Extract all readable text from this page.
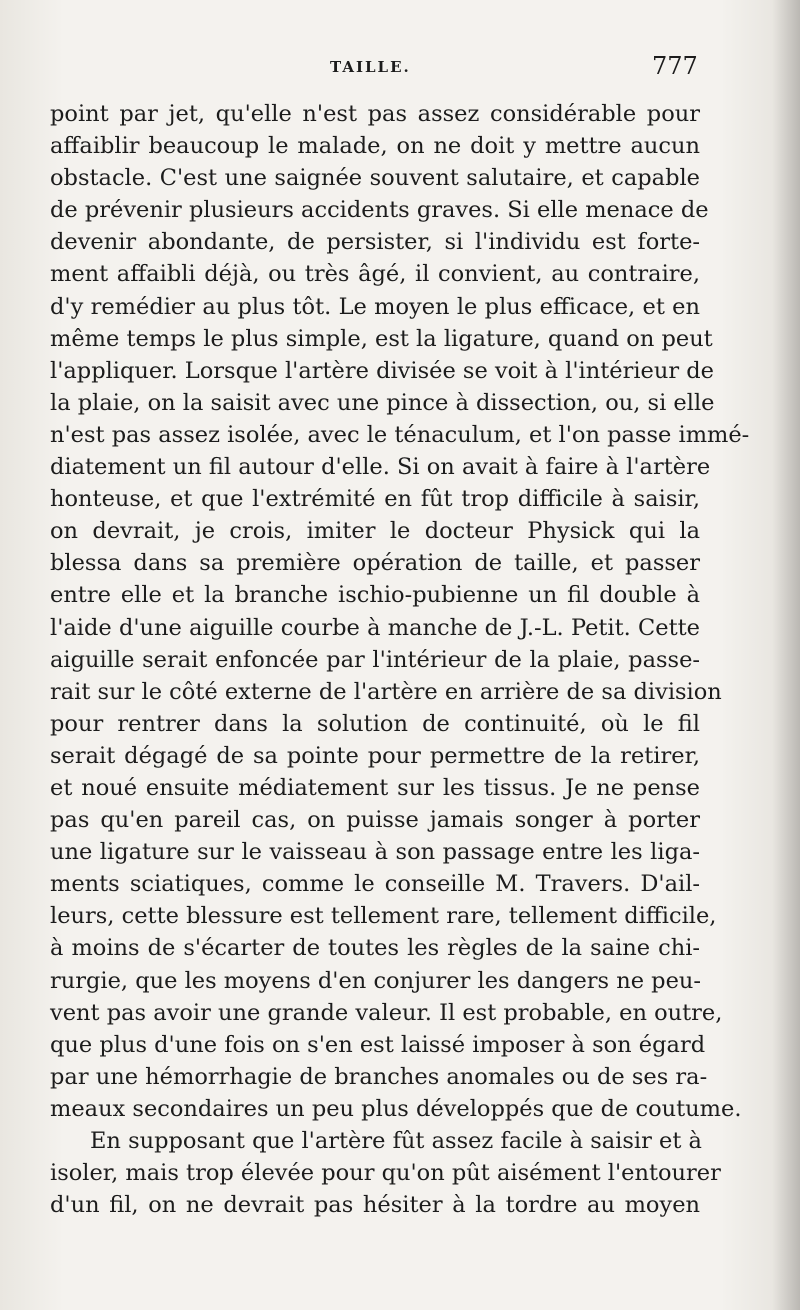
TAILLE.	777
point par jet, qu'elle n'est pas assez considérable pour
affaiblir beaucoup le malade, on ne doit y mettre aucun
obstacle. C'est une saignée souvent salutaire, et capable
de prévenir plusieurs accidents graves. Si elle menace de
devenir abondante, de persister, si l'individu est forte-
ment affaibli déjà, ou très âgé, il convient, au contraire,
d'y remédier au plus tôt. Le moyen le plus efficace, et en
même temps le plus simple, est la ligature, quand on peut
l'appliquer. Lorsque l'artère divisée se voit à l'intérieur de
la plaie, on la saisit avec une pince à dissection, ou, si elle
n'est pas assez isolée, avec le ténaculum, et l'on passe immé-
diatement un fil autour d'elle. Si on avait à faire à l'artère
honteuse, et que l'extrémité en fût trop difficile à saisir,
on devrait, je crois, imiter le docteur Physick qui la
blessa dans sa première opération de taille, et passer
entre elle et la branche ischio-pubienne un fil double à
l'aide d'une aiguille courbe à manche de J.-L. Petit. Cette
aiguille serait enfoncée par l'intérieur de la plaie, passe-
rait sur le côté externe de l'artère en arrière de sa division
pour rentrer dans la solution de continuité, où le fil
serait dégagé de sa pointe pour permettre de la retirer,
et noué ensuite médiatement sur les tissus. Je ne pense
pas qu'en pareil cas, on puisse jamais songer à porter
une ligature sur le vaisseau à son passage entre les liga-
ments sciatiques, comme le conseille M. Travers. D'ail-
leurs, cette blessure est tellement rare, tellement difficile,
à moins de s'écarter de toutes les règles de la saine chi-
rurgie, que les moyens d'en conjurer les dangers ne peu-
vent pas avoir une grande valeur. Il est probable, en outre,
que plus d'une fois on s'en est laissé imposer à son égard
par une hémorrhagie de branches anomales ou de ses ra-
meaux secondaires un peu plus développés que de coutume.
En supposant que l'artère fût assez facile à saisir et à
isoler, mais trop élevée pour qu'on pût aisément l'entourer
d'un fil, on ne devrait pas hésiter à la tordre au moyen
